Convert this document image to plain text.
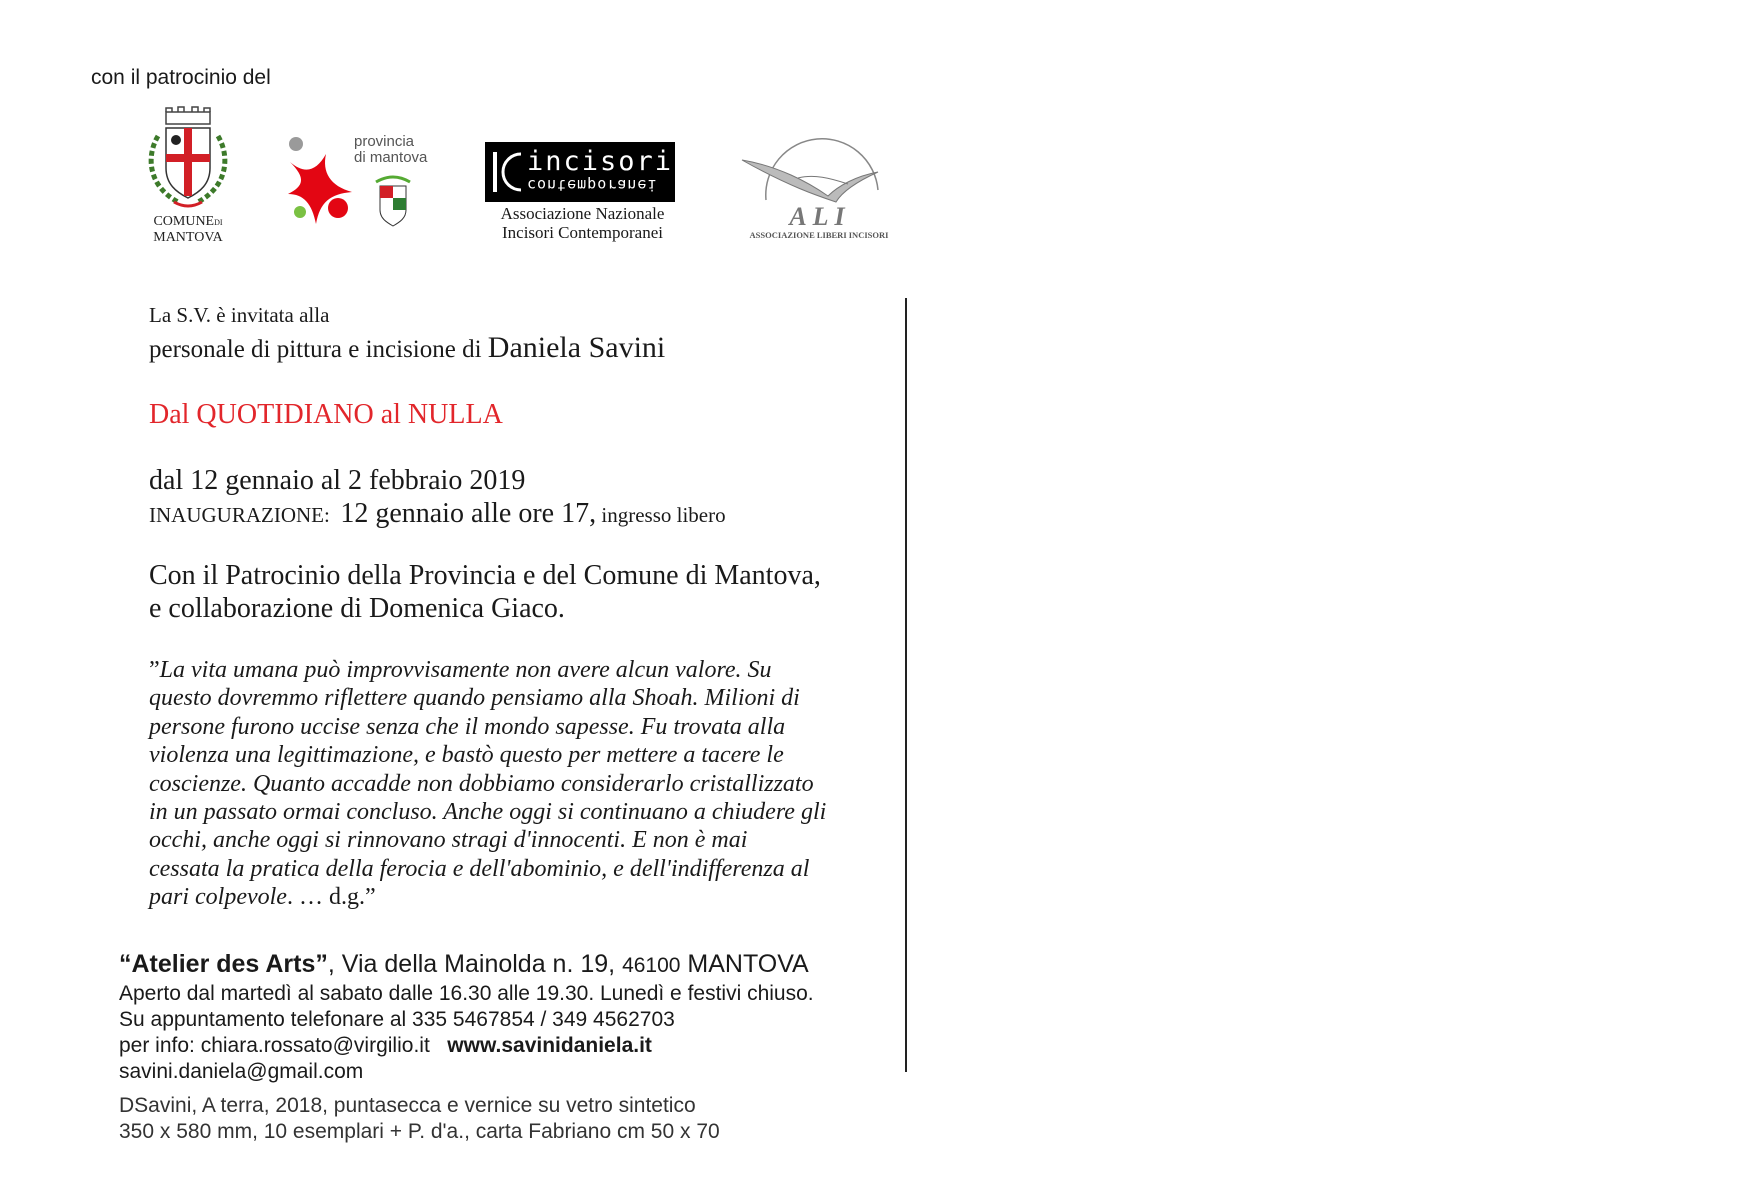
con il patrocinio del
COMUNEDI
MANTOVA
provincia
di mantova	incisori
contemporanei
Associazione Nazionale
Incisori Contemporanei
ALI
ASSOCIAZIONE LIBERI INCISORI
La S.V. è invitata alla
personale di pittura e incisione di Daniela Savini
Dal QUOTIDIANO al NULLA
dal 12 gennaio al 2 febbraio 2019
INAUGURAZIONE: 12 gennaio alle ore 17, ingresso libero
Con il Patrocinio della Provincia e del Comune di Mantova,
e collaborazione di Domenica Giaco.
”La vita umana può improvvisamente non avere alcun valore. Su
questo dovremmo riflettere quando pensiamo alla Shoah. Milioni di
persone furono uccise senza che il mondo sapesse. Fu trovata alla
violenza una legittimazione, e bastò questo per mettere a tacere le
coscienze. Quanto accadde non dobbiamo considerarlo cristallizzato
in un passato ormai concluso. Anche oggi si continuano a chiudere gli
occhi, anche oggi si rinnovano stragi d'innocenti. E non è mai
cessata la pratica della ferocia e dell'abominio, e dell'indifferenza al
pari colpevole. … d.g.”
“Atelier des Arts”, Via della Mainolda n. 19, 46100 MANTOVA
Aperto dal martedì al sabato dalle 16.30 alle 19.30. Lunedì e festivi chiuso.
Su appuntamento telefonare al 335 5467854 / 349 4562703
per info: chiara.rossato@virgilio.it www.savinidaniela.it
savini.daniela@gmail.com
DSavini, A terra, 2018, puntasecca e vernice su vetro sintetico
350 x 580 mm, 10 esemplari + P. d'a., carta Fabriano cm 50 x 70
